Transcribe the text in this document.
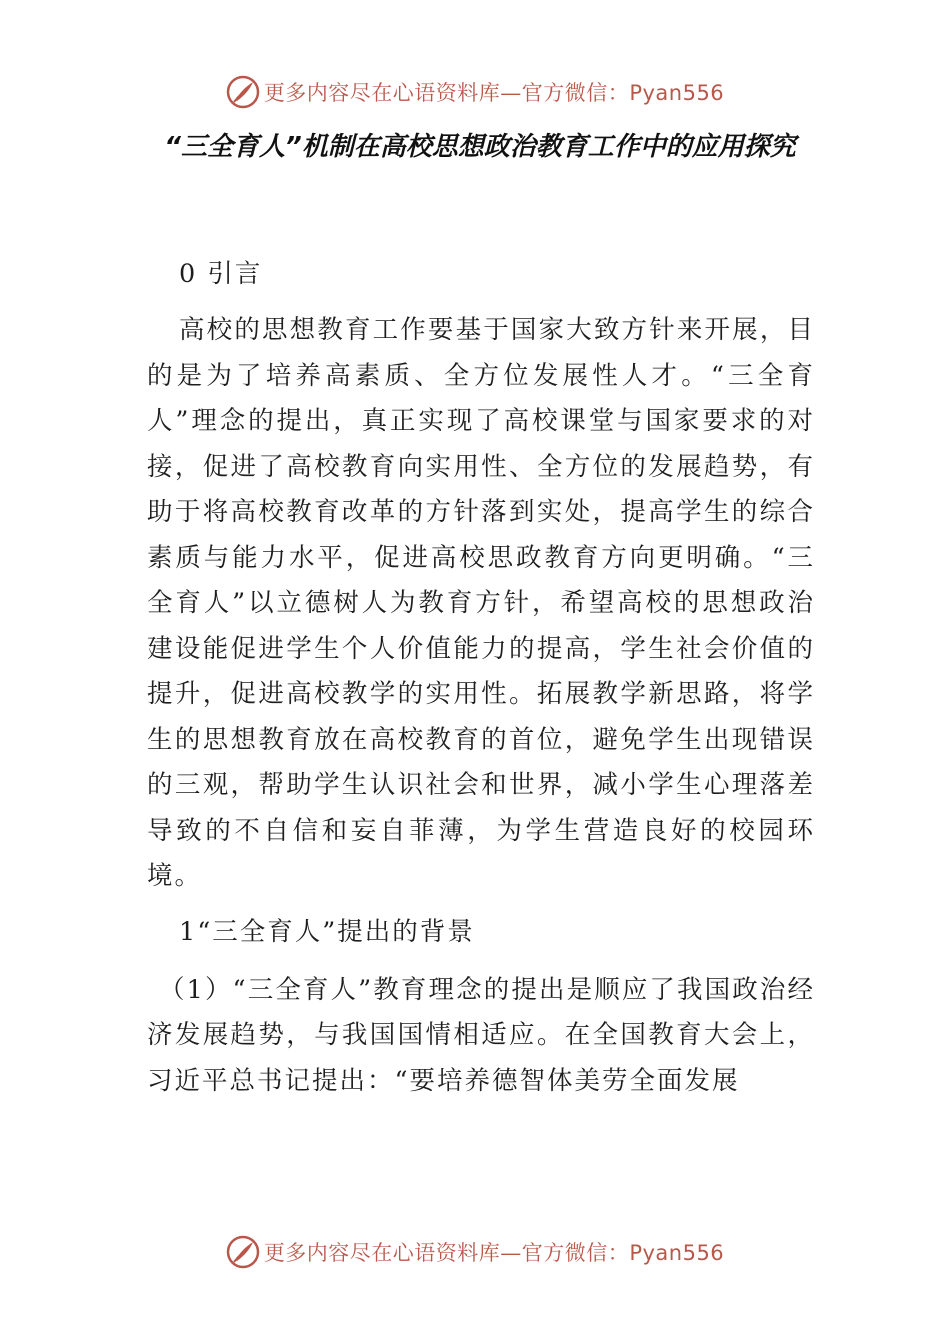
更多内容尽在心语资料库—官方微信：Pyan556
“三全育人”机制在高校思想政治教育工作中的应用探究
0 引言

高校的思想教育工作要基于国家大致方针来开展，目的是为了培养高素质、全方位发展性人才。“三全育人”理念的提出，真正实现了高校课堂与国家要求的对接，促进了高校教育向实用性、全方位的发展趋势，有助于将高校教育改革的方针落到实处，提高学生的综合素质与能力水平，促进高校思政教育方向更明确。“三全育人”以立德树人为教育方针，希望高校的思想政治建设能促进学生个人价值能力的提高，学生社会价值的提升，促进高校教学的实用性。拓展教学新思路，将学生的思想教育放在高校教育的首位，避免学生出现错误的三观，帮助学生认识社会和世界，减小学生心理落差导致的不自信和妄自菲薄，为学生营造良好的校园环境。

1“三全育人”提出的背景

（1）“三全育人”教育理念的提出是顺应了我国政治经济发展趋势，与我国国情相适应。在全国教育大会上，习近平总书记提出：“要培养德智体美劳全面发展

更多内容尽在心语资料库—官方微信：Pyan556
